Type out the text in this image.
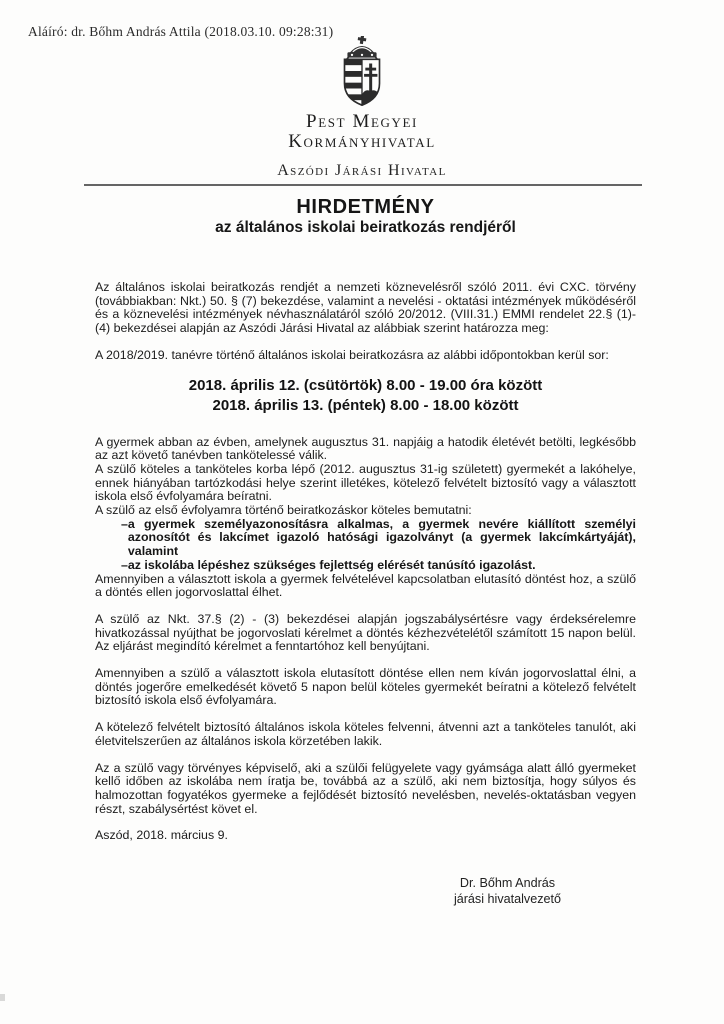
Aláíró: dr. Bőhm András Attila (2018.03.10. 09:28:31)
Pest Megyei
Kormányhivatal
Aszódi Járási Hivatal
HIRDETMÉNY
az általános iskolai beiratkozás rendjéről

Az általános iskolai beiratkozás rendjét a nemzeti köznevelésről szóló 2011. évi CXC. törvény (továbbiakban: Nkt.) 50. § (7) bekezdése, valamint a nevelési - oktatási intézmények működéséről és a köznevelési intézmények névhasználatáról szóló 20/2012. (VIII.31.) EMMI rendelet 22.§ (1)-(4) bekezdései alapján az Aszódi Járási Hivatal az alábbiak szerint határozza meg:

A 2018/2019. tanévre történő általános iskolai beiratkozásra az alábbi időpontokban kerül sor:

2018. április 12. (csütörtök) 8.00 - 19.00 óra között
2018. április 13. (péntek) 8.00 - 18.00 között

A gyermek abban az évben, amelynek augusztus 31. napjáig a hatodik életévét betölti, legkésőbb az azt követő tanévben tankötelessé válik.

A szülő köteles a tanköteles korba lépő (2012. augusztus 31-ig született) gyermekét a lakóhelye, ennek hiányában tartózkodási helye szerint illetékes, kötelező felvételt biztosító vagy a választott iskola első évfolyamára beíratni.

A szülő az első évfolyamra történő beiratkozáskor köteles bemutatni:

– a gyermek személyazonosításra alkalmas, a gyermek nevére kiállított személyi azonosítót és lakcímet igazoló hatósági igazolványt (a gyermek lakcímkártyáját), valamint
– az iskolába lépéshez szükséges fejlettség elérését tanúsító igazolást.

Amennyiben a választott iskola a gyermek felvételével kapcsolatban elutasító döntést hoz, a szülő a döntés ellen jogorvoslattal élhet.

A szülő az Nkt. 37.§ (2) - (3) bekezdései alapján jogszabálysértésre vagy érdeksérelemre hivatkozással nyújthat be jogorvoslati kérelmet a döntés kézhezvételétől számított 15 napon belül. Az eljárást megindító kérelmet a fenntartóhoz kell benyújtani.

Amennyiben a szülő a választott iskola elutasított döntése ellen nem kíván jogorvoslattal élni, a döntés jogerőre emelkedését követő 5 napon belül köteles gyermekét beíratni a kötelező felvételt biztosító iskola első évfolyamára.

A kötelező felvételt biztosító általános iskola köteles felvenni, átvenni azt a tanköteles tanulót, aki életvitelszerűen az általános iskola körzetében lakik.

Az a szülő vagy törvényes képviselő, aki a szülői felügyelete vagy gyámsága alatt álló gyermeket kellő időben az iskolába nem íratja be, továbbá az a szülő, aki nem biztosítja, hogy súlyos és halmozottan fogyatékos gyermeke a fejlődését biztosító nevelésben, nevelés-oktatásban vegyen részt, szabálysértést követ el.

Aszód, 2018. március 9.

Dr. Bőhm András
járási hivatalvezető
